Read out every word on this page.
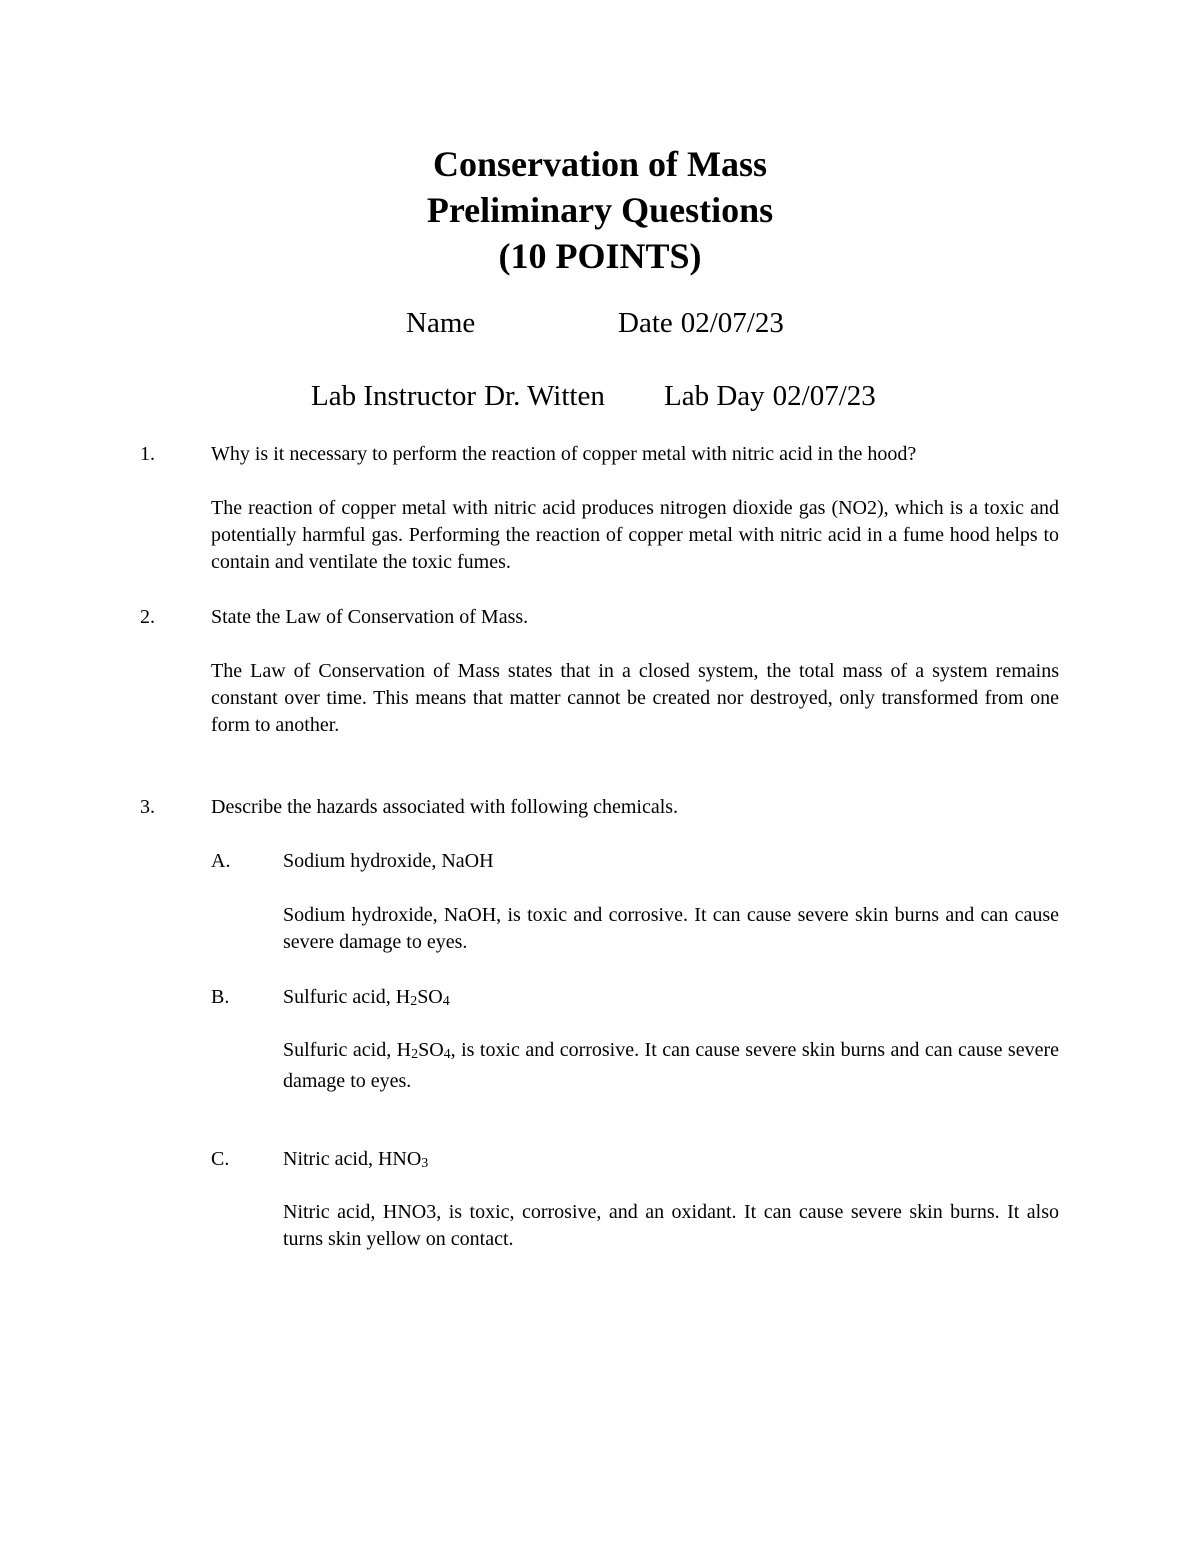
Conservation of Mass
Preliminary Questions
(10 POINTS)
Name	Date 02/07/23
Lab Instructor Dr. Witten Lab Day 02/07/23
1.	Why is it necessary to perform the reaction of copper metal with nitric acid in the hood?
The reaction of copper metal with nitric acid produces nitrogen dioxide gas (NO2), which is a toxic and potentially harmful gas. Performing the reaction of copper metal with nitric acid in a fume hood helps to contain and ventilate the toxic fumes.
2.	State the Law of Conservation of Mass.
The Law of Conservation of Mass states that in a closed system, the total mass of a system remains constant over time. This means that matter cannot be created nor destroyed, only transformed from one form to another.
3.	Describe the hazards associated with following chemicals.
A.	Sodium hydroxide, NaOH
Sodium hydroxide, NaOH, is toxic and corrosive. It can cause severe skin burns and can cause severe damage to eyes.
B.	Sulfuric acid, H2SO4
Sulfuric acid, H2SO4, is toxic and corrosive. It can cause severe skin burns and can cause severe damage to eyes.
C.	Nitric acid, HNO3
Nitric acid, HNO3, is toxic, corrosive, and an oxidant. It can cause severe skin burns. It also turns skin yellow on contact.
